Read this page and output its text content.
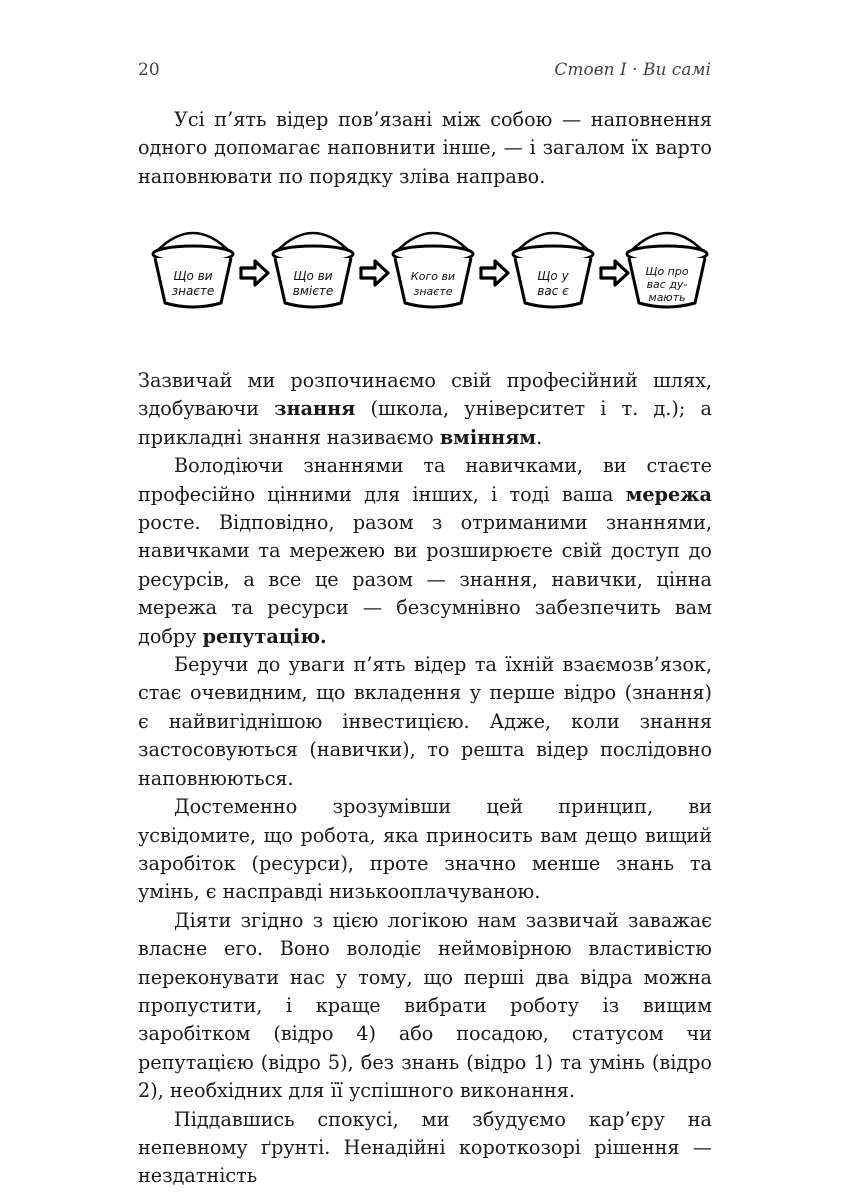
20	Стовп І · Ви самі

Усі п’ять відер пов’язані між собою — наповнення одного допомагає наповнити інше, — і загалом їх варто наповнювати по порядку зліва направо.

Що ви
знаєте
Що ви
вмієте
Кого ви
знаєте
Що у
вас є
Що про
вас ду-
мають

Зазвичай ми розпочинаємо свій професійний шлях, здобуваючи знання (школа, університет і т. д.); а прикладні знання називаємо вмінням.

Володіючи знаннями та навичками, ви стаєте професійно цінними для інших, і тоді ваша мережа росте. Відповідно, разом з отриманими знаннями, навичками та мережею ви розширюєте свій доступ до ресурсів, а все це разом — знання, навички, цінна мережа та ресурси — безсумнівно забезпечить вам добру репутацію.

Беручи до уваги п’ять відер та їхній взаємозв’язок, стає очевидним, що вкладення у перше відро (знання) є найвигіднішою інвестицією. Адже, коли знання застосовуються (навички), то решта відер послідовно наповнюються.

Достеменно зрозумівши цей принцип, ви усвідомите, що робота, яка приносить вам дещо вищий заробіток (ресурси), проте значно менше знань та умінь, є насправді низькооплачуваною.

Діяти згідно з цією логікою нам зазвичай заважає власне его. Воно володіє неймовірною властивістю переконувати нас у тому, що перші два відра можна пропустити, і краще вибрати роботу із вищим заробітком (відро 4) або посадою, статусом чи репутацією (відро 5), без знань (відро 1) та умінь (відро 2), необхідних для її успішного виконання.

Піддавшись спокусі, ми збудуємо кар’єру на непевному ґрунті. Ненадійні короткозорі рішення — нездатність
